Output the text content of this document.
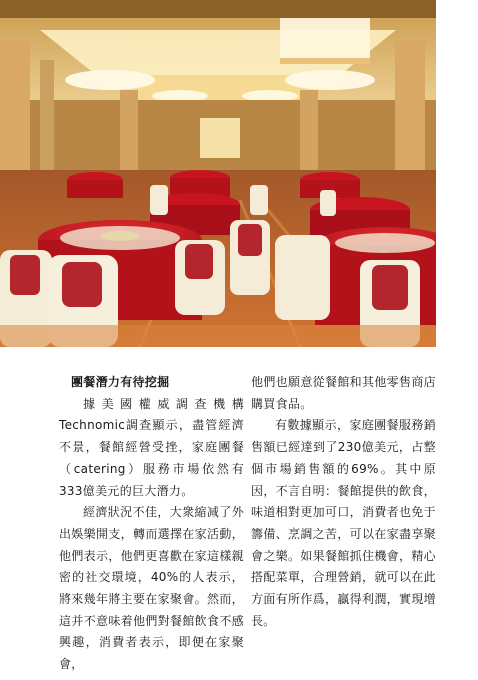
團餐潛力有待挖掘

據美國權威調查機構Technomic調查顯示，盡管經濟不景，餐館經營受挫，家庭團餐（catering）服務市場依然有333億美元的巨大潛力。

經濟狀況不佳，大衆縮减了外出娛樂開支，轉而選擇在家活動，他們表示，他們更喜歡在家這樣親密的社交環境，40%的人表示，將來幾年將主要在家聚會。然而，這并不意味着他們對餐館飲食不感興趣，消費者表示，即便在家聚會，

他們也願意從餐館和其他零售商店購買食品。

有數據顯示，家庭團餐服務銷售額已經達到了230億美元，占整個市場銷售額的69%。其中原因，不言自明：餐館提供的飲食，味道相對更加可口，消費者也免于籌備、烹調之苦，可以在家盡享聚會之樂。如果餐館抓住機會，精心搭配菜單，合理營銷，就可以在此方面有所作爲，贏得利潤，實現增長。
